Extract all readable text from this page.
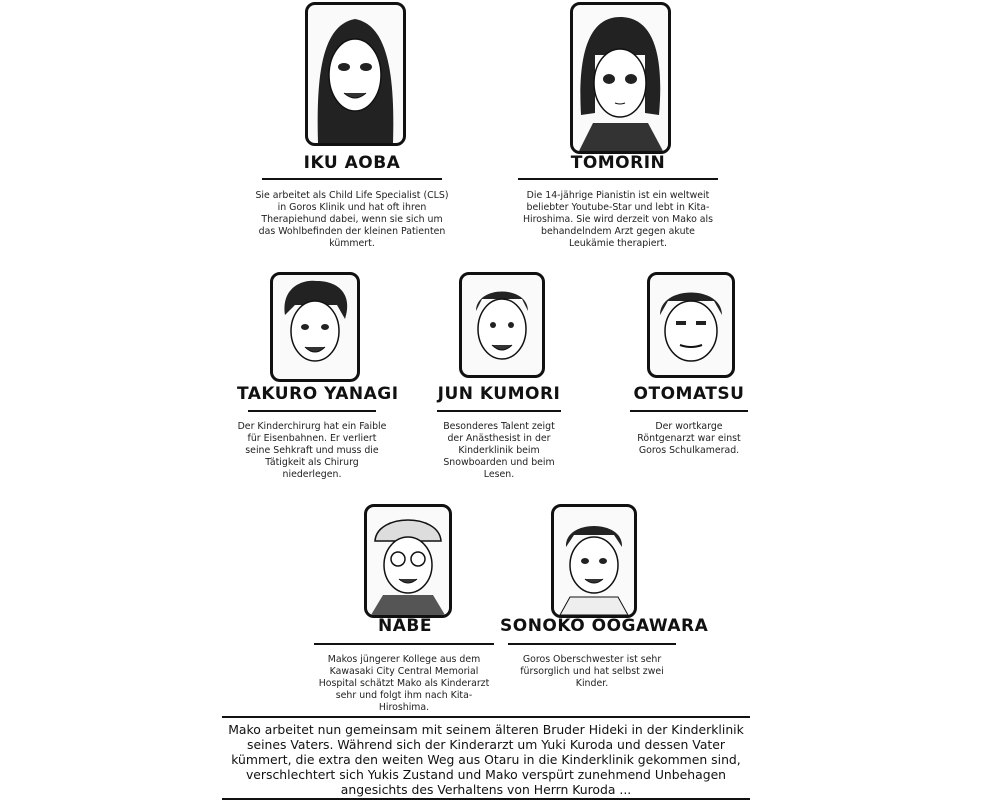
IKU AOBA
Sie arbeitet als Child Life Specialist (CLS) in Goros Klinik und hat oft ihren Therapiehund dabei, wenn sie sich um das Wohlbefinden der kleinen Patienten kümmert.
TOMORIN
Die 14-jährige Pianistin ist ein weltweit beliebter Youtube-Star und lebt in Kita-Hiroshima. Sie wird derzeit von Mako als behandelndem Arzt gegen akute Leukämie therapiert.
TAKURO YANAGI
Der Kinderchirurg hat ein Faible für Eisenbahnen. Er verliert seine Sehkraft und muss die Tätigkeit als Chirurg niederlegen.
JUN KUMORI
Besonderes Talent zeigt der Anästhesist in der Kinderklinik beim Snowboarden und beim Lesen.
OTOMATSU
Der wortkarge Röntgenarzt war einst Goros Schulkamerad.
NABE
Makos jüngerer Kollege aus dem Kawasaki City Central Memorial Hospital schätzt Mako als Kinderarzt sehr und folgt ihm nach Kita-Hiroshima.
SONOKO OOGAWARA
Goros Oberschwester ist sehr fürsorglich und hat selbst zwei Kinder.
Mako arbeitet nun gemeinsam mit seinem älteren Bruder Hideki in der Kinderklinik seines Vaters. Während sich der Kinderarzt um Yuki Kuroda und dessen Vater kümmert, die extra den weiten Weg aus Otaru in die Kinderklinik gekommen sind, verschlechtert sich Yukis Zustand und Mako verspürt zunehmend Unbehagen angesichts des Verhaltens von Herrn Kuroda ...
